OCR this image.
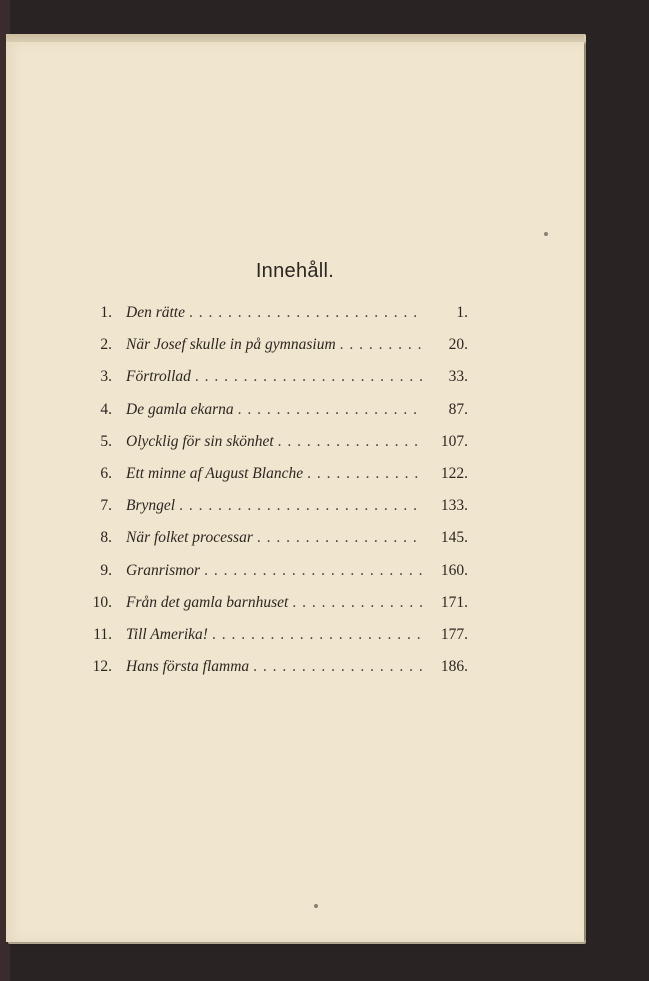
Innehåll.
1. Den rätte . . .	1.
2. När Josef skulle in på gymnasium . . .	20.
3. Förtrollad . . .	33.
4. De gamla ekarna . . .	87.
5. Olycklig för sin skönhet . . .	107.
6. Ett minne af August Blanche . . .	122.
7. Bryngel . . .	133.
8. När folket processar . . .	145.
9. Granrismor . . .	160.
10. Från det gamla barnhuset . . .	171.
11. Till Amerika! . . .	177.
12. Hans första flamma . . .	186.
